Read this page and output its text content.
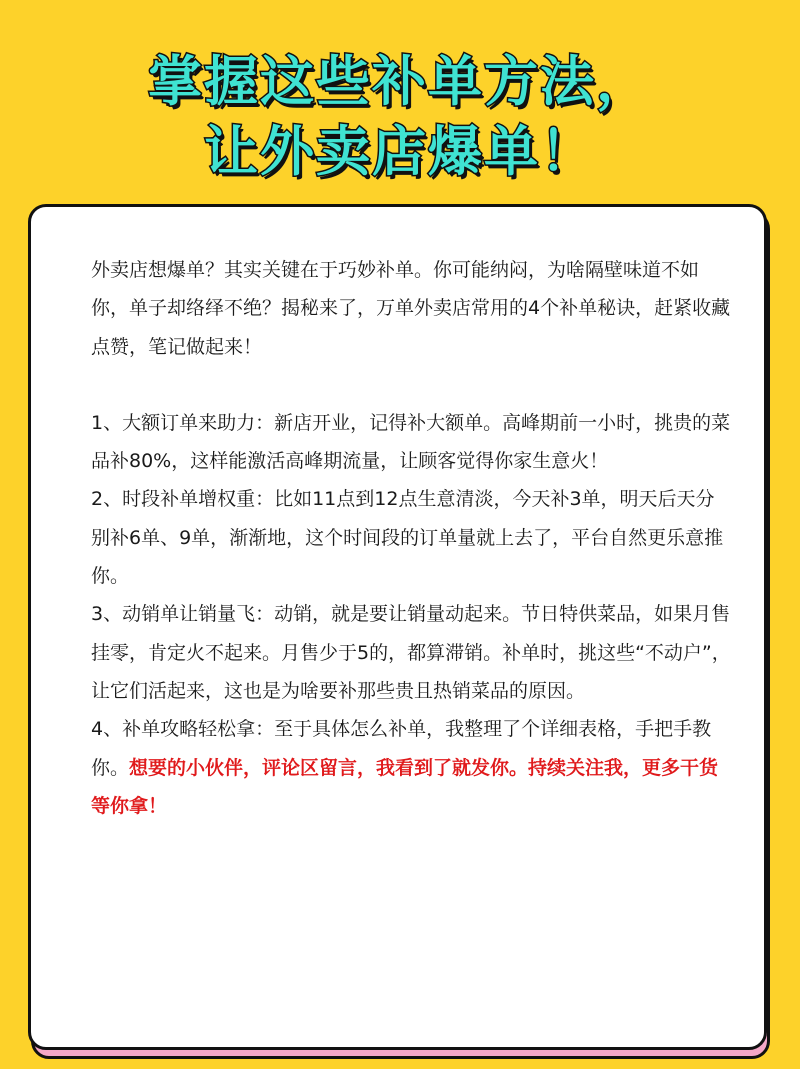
掌握这些补单方法，
让外卖店爆单！

外卖店想爆单？其实关键在于巧妙补单。你可能纳闷，为啥隔壁味道不如你，单子却络绎不绝？揭秘来了，万单外卖店常用的4个补单秘诀，赶紧收藏点赞，笔记做起来！

1、大额订单来助力：新店开业，记得补大额单。高峰期前一小时，挑贵的菜品补80%，这样能激活高峰期流量，让顾客觉得你家生意火！

2、时段补单增权重：比如11点到12点生意清淡，今天补3单，明天后天分别补6单、9单，渐渐地，这个时间段的订单量就上去了，平台自然更乐意推你。

3、动销单让销量飞：动销，就是要让销量动起来。节日特供菜品，如果月售挂零，肯定火不起来。月售少于5的，都算滞销。补单时，挑这些“不动户”，让它们活起来，这也是为啥要补那些贵且热销菜品的原因。

4、补单攻略轻松拿：至于具体怎么补单，我整理了个详细表格，手把手教你。想要的小伙伴，评论区留言，我看到了就发你。持续关注我，更多干货等你拿！
